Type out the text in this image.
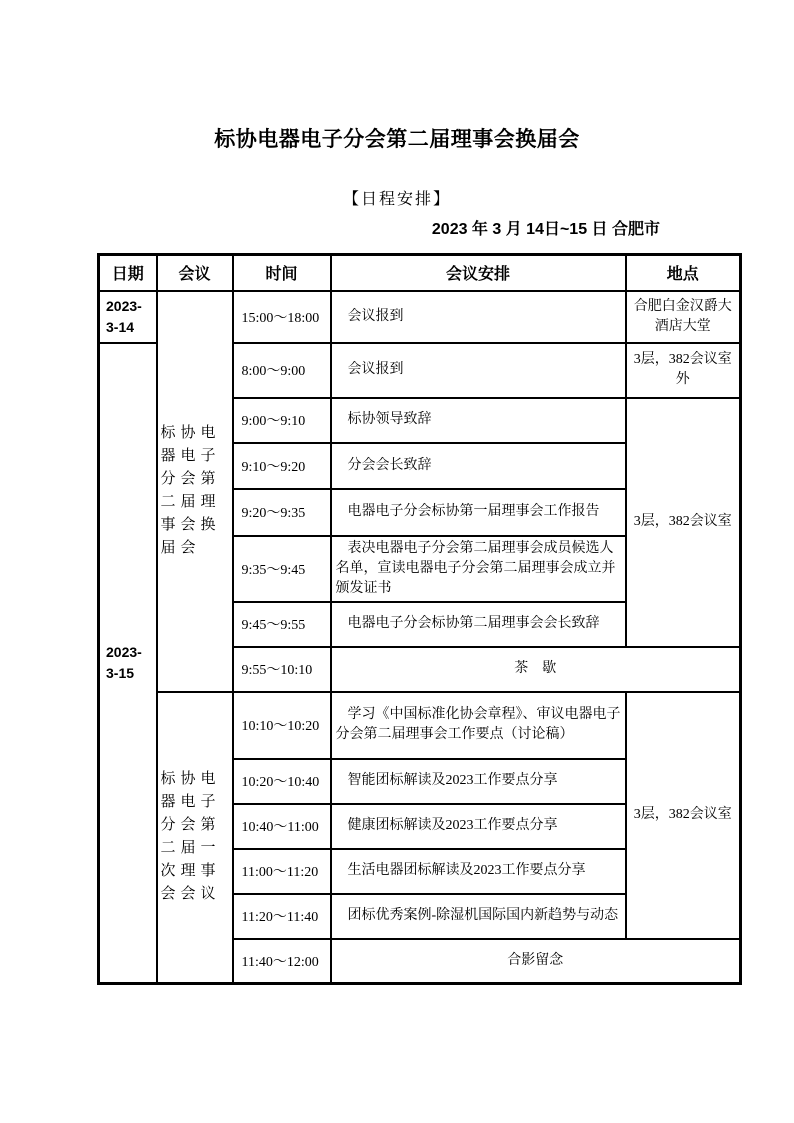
标协电器电子分会第二届理事会换届会
【日程安排】
2023 年 3 月 14日~15 日 合肥市
日期	会议	时间	会议安排	地点
2023-3-14	标协电器电子分会第二届理事会换届会	15:00～18:00	会议报到	合肥白金汉爵大酒店大堂
2023-3-15		8:00～9:00	会议报到	3层，382会议室外
		9:00～9:10	标协领导致辞	3层，382会议室
		9:10～9:20	分会会长致辞	
		9:20～9:35	电器电子分会标协第一届理事会工作报告	
		9:35～9:45	表决电器电子分会第二届理事会成员候选人名单，宣读电器电子分会第二届理事会成立并颁发证书	
		9:45～9:55	电器电子分会标协第二届理事会会长致辞	
		9:55～10:10	茶　歇	
	标协电器电子分会第二届一次理事会会议	10:10～10:20	学习《中国标准化协会章程》、审议电器电子分会第二届理事会工作要点（讨论稿）	3层，382会议室
		10:20～10:40	智能团标解读及2023工作要点分享	
		10:40～11:00	健康团标解读及2023工作要点分享	
		11:00～11:20	生活电器团标解读及2023工作要点分享	
		11:20～11:40	团标优秀案例-除湿机国际国内新趋势与动态	
		11:40～12:00	合影留念	
